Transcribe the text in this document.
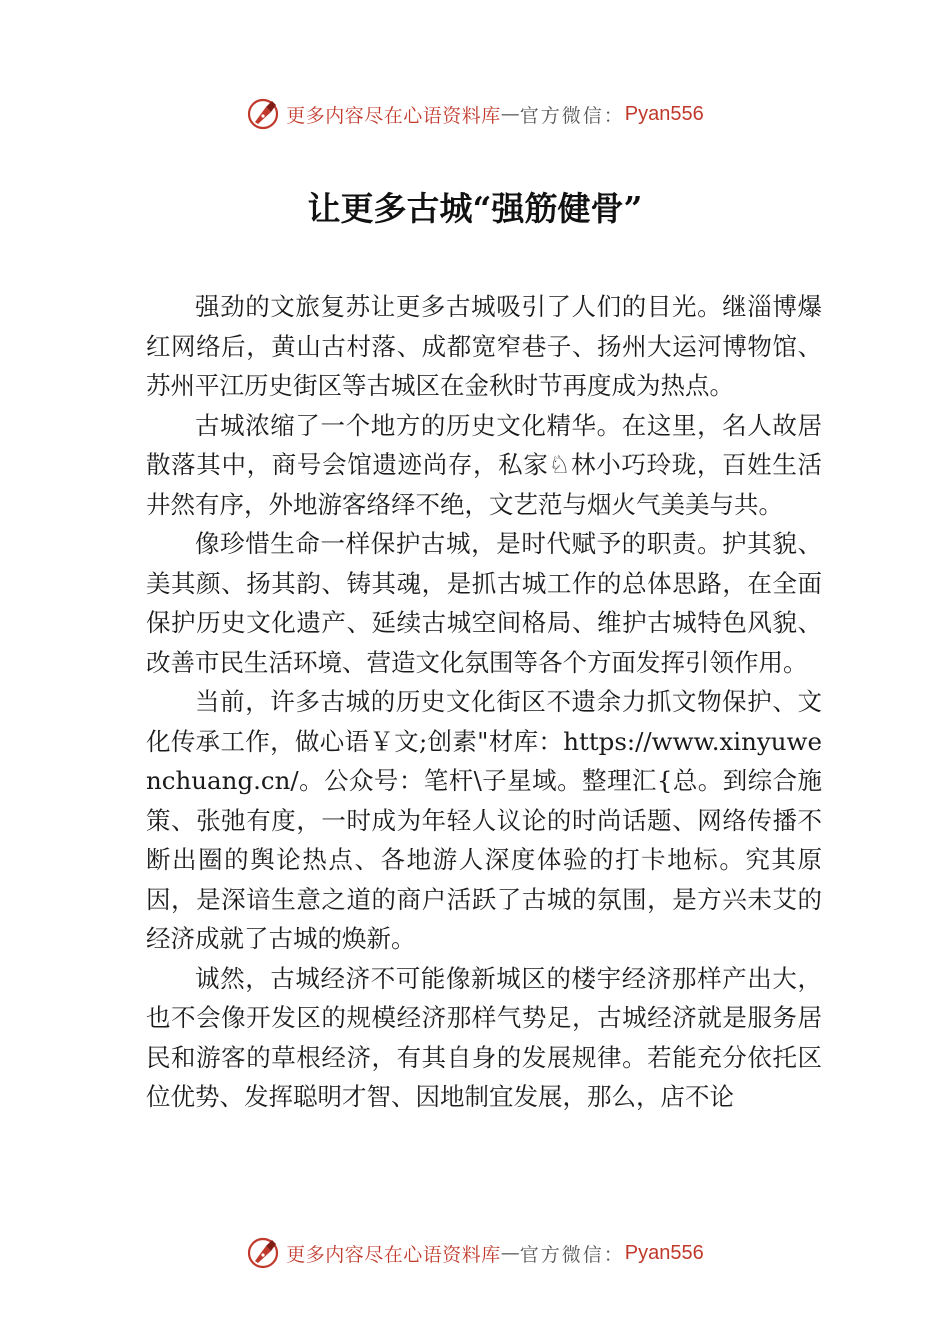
更多内容尽在心语资料库 — 官方微信： Pyan556
让更多古城“强筋健骨”

强劲的文旅复苏让更多古城吸引了人们的目光。继淄博爆红网络后，黄山古村落、成都宽窄巷子、扬州大运河博物馆、苏州平江历史街区等古城区在金秋时节再度成为热点。

古城浓缩了一个地方的历史文化精华。在这里，名人故居散落其中，商号会馆遗迹尚存，私家♘林小巧玲珑，百姓生活井然有序，外地游客络绎不绝，文艺范与烟火气美美与共。

像珍惜生命一样保护古城，是时代赋予的职责。护其貌、美其颜、扬其韵、铸其魂，是抓古城工作的总体思路，在全面保护历史文化遗产、延续古城空间格局、维护古城特色风貌、改善市民生活环境、营造文化氛围等各个方面发挥引领作用。

当前，许多古城的历史文化街区不遗余力抓文物保护、文化传承工作，做心语￥文;创素"材库：https://www.xinyuwenchuang.cn/。公众号：笔杆\子星域。整理汇{总。到综合施策、张弛有度，一时成为年轻人议论的时尚话题、网络传播不断出圈的舆论热点、各地游人深度体验的打卡地标。究其原因，是深谙生意之道的商户活跃了古城的氛围，是方兴未艾的经济成就了古城的焕新。

诚然，古城经济不可能像新城区的楼宇经济那样产出大，也不会像开发区的规模经济那样气势足，古城经济就是服务居民和游客的草根经济，有其自身的发展规律。若能充分依托区位优势、发挥聪明才智、因地制宜发展，那么，店不论

更多内容尽在心语资料库 — 官方微信： Pyan556
